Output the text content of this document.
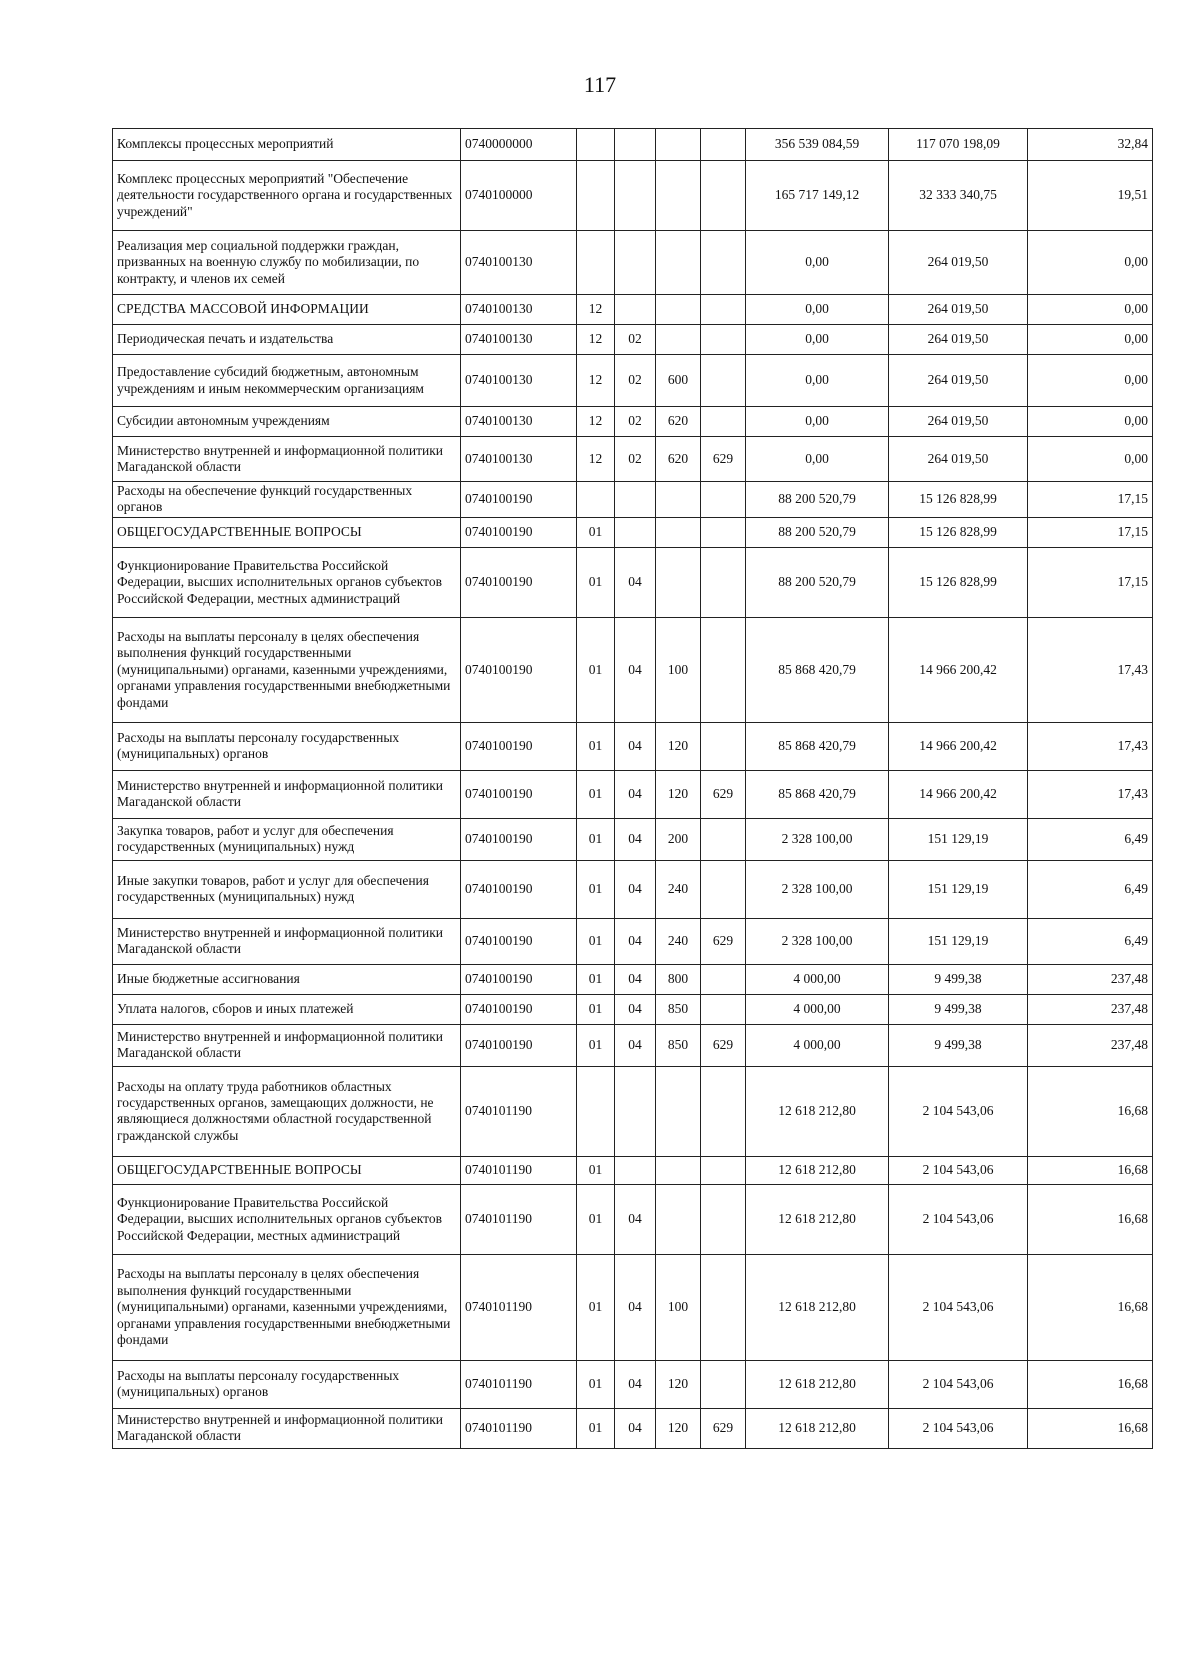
117
Комплексы процессных мероприятий	0740000000					356 539 084,59	117 070 198,09	32,84
Комплекс процессных мероприятий "Обеспечение деятельности государственного органа и государственных учреждений"	0740100000					165 717 149,12	32 333 340,75	19,51
Реализация мер социальной поддержки граждан, призванных на военную службу по мобилизации, по контракту, и членов их семей	0740100130					0,00	264 019,50	0,00
СРЕДСТВА МАССОВОЙ ИНФОРМАЦИИ	0740100130	12				0,00	264 019,50	0,00
Периодическая печать и издательства	0740100130	12	02			0,00	264 019,50	0,00
Предоставление субсидий бюджетным, автономным учреждениям и иным некоммерческим организациям	0740100130	12	02	600		0,00	264 019,50	0,00
Субсидии автономным учреждениям	0740100130	12	02	620		0,00	264 019,50	0,00
Министерство внутренней и информационной политики Магаданской области	0740100130	12	02	620	629	0,00	264 019,50	0,00
Расходы на обеспечение функций государственных органов	0740100190					88 200 520,79	15 126 828,99	17,15
ОБЩЕГОСУДАРСТВЕННЫЕ ВОПРОСЫ	0740100190	01				88 200 520,79	15 126 828,99	17,15
Функционирование Правительства Российской Федерации, высших исполнительных органов субъектов Российской Федерации, местных администраций	0740100190	01	04			88 200 520,79	15 126 828,99	17,15
Расходы на выплаты персоналу в целях обеспечения выполнения функций государственными (муниципальными) органами, казенными учреждениями, органами управления государственными внебюджетными фондами	0740100190	01	04	100		85 868 420,79	14 966 200,42	17,43
Расходы на выплаты персоналу государственных (муниципальных) органов	0740100190	01	04	120		85 868 420,79	14 966 200,42	17,43
Министерство внутренней и информационной политики Магаданской области	0740100190	01	04	120	629	85 868 420,79	14 966 200,42	17,43
Закупка товаров, работ и услуг для обеспечения государственных (муниципальных) нужд	0740100190	01	04	200		2 328 100,00	151 129,19	6,49
Иные закупки товаров, работ и услуг для обеспечения государственных (муниципальных) нужд	0740100190	01	04	240		2 328 100,00	151 129,19	6,49
Министерство внутренней и информационной политики Магаданской области	0740100190	01	04	240	629	2 328 100,00	151 129,19	6,49
Иные бюджетные ассигнования	0740100190	01	04	800		4 000,00	9 499,38	237,48
Уплата налогов, сборов и иных платежей	0740100190	01	04	850		4 000,00	9 499,38	237,48
Министерство внутренней и информационной политики Магаданской области	0740100190	01	04	850	629	4 000,00	9 499,38	237,48
Расходы на оплату труда работников областных государственных органов, замещающих должности, не являющиеся должностями областной государственной гражданской службы	0740101190					12 618 212,80	2 104 543,06	16,68
ОБЩЕГОСУДАРСТВЕННЫЕ ВОПРОСЫ	0740101190	01				12 618 212,80	2 104 543,06	16,68
Функционирование Правительства Российской Федерации, высших исполнительных органов субъектов Российской Федерации, местных администраций	0740101190	01	04			12 618 212,80	2 104 543,06	16,68
Расходы на выплаты персоналу в целях обеспечения выполнения функций государственными (муниципальными) органами, казенными учреждениями, органами управления государственными внебюджетными фондами	0740101190	01	04	100		12 618 212,80	2 104 543,06	16,68
Расходы на выплаты персоналу государственных (муниципальных) органов	0740101190	01	04	120		12 618 212,80	2 104 543,06	16,68
Министерство внутренней и информационной политики Магаданской области	0740101190	01	04	120	629	12 618 212,80	2 104 543,06	16,68
